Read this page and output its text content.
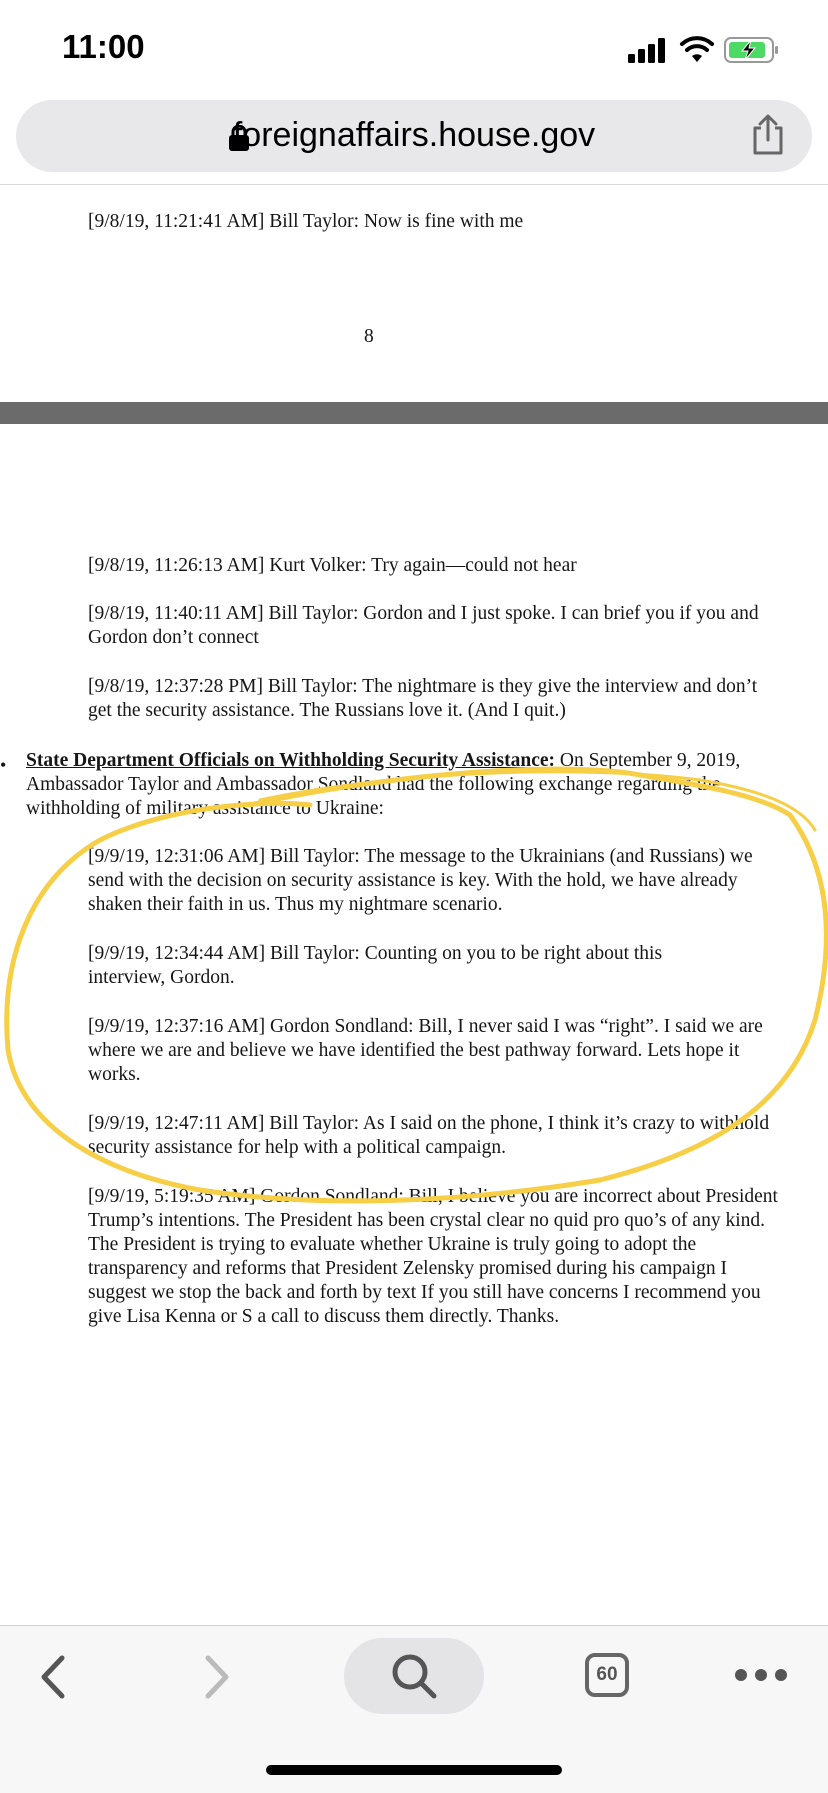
11:00
foreignaffairs.house.gov

[9/8/19, 11:21:41 AM] Bill Taylor: Now is fine with me

8

[9/8/19, 11:26:13 AM] Kurt Volker: Try again—could not hear

[9/8/19, 11:40:11 AM] Bill Taylor: Gordon and I just spoke. I can brief you if you and Gordon don’t connect

[9/8/19, 12:37:28 PM] Bill Taylor: The nightmare is they give the interview and don’t get the security assistance. The Russians love it. (And I quit.)

• State Department Officials on Withholding Security Assistance: On September 9, 2019, Ambassador Taylor and Ambassador Sondland had the following exchange regarding the withholding of military assistance to Ukraine:

[9/9/19, 12:31:06 AM] Bill Taylor: The message to the Ukrainians (and Russians) we send with the decision on security assistance is key. With the hold, we have already shaken their faith in us. Thus my nightmare scenario.

[9/9/19, 12:34:44 AM] Bill Taylor: Counting on you to be right about this interview, Gordon.

[9/9/19, 12:37:16 AM] Gordon Sondland: Bill, I never said I was “right”. I said we are where we are and believe we have identified the best pathway forward. Lets hope it works.

[9/9/19, 12:47:11 AM] Bill Taylor: As I said on the phone, I think it’s crazy to withhold security assistance for help with a political campaign.

[9/9/19, 5:19:35 AM] Gordon Sondland: Bill, I believe you are incorrect about President Trump’s intentions. The President has been crystal clear no quid pro quo’s of any kind. The President is trying to evaluate whether Ukraine is truly going to adopt the transparency and reforms that President Zelensky promised during his campaign I suggest we stop the back and forth by text If you still have concerns I recommend you give Lisa Kenna or S a call to discuss them directly. Thanks.

60
